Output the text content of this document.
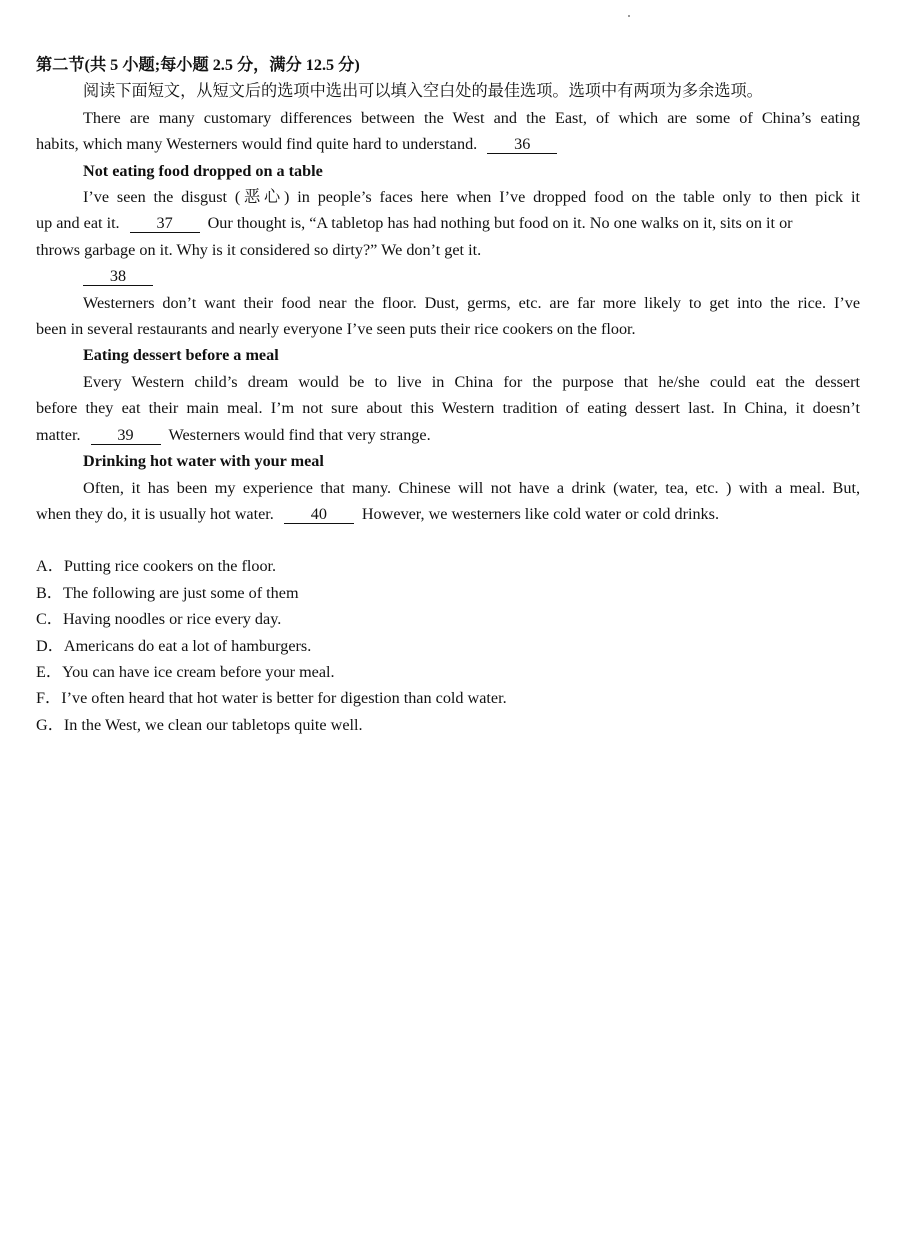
第二节(共 5 小题;每小题 2.5 分，满分 12.5 分)
阅读下面短文，从短文后的选项中选出可以填入空白处的最佳选项。选项中有两项为多余选项。
There are many customary differences between the West and the East, of which are some of China’s eating
habits, which many Westerners would find quite hard to understand. 36
Not eating food dropped on a table
I’ve seen the disgust (恶心) in people’s faces here when I’ve dropped food on the table only to then pick it
up and eat it. 37 Our thought is, “A tabletop has had nothing but food on it. No one walks on it, sits on it or
throws garbage on it. Why is it considered so dirty?” We don’t get it.
38
Westerners don’t want their food near the floor. Dust, germs, etc. are far more likely to get into the rice. I’ve
been in several restaurants and nearly everyone I’ve seen puts their rice cookers on the floor.
Eating dessert before a meal
Every Western child’s dream would be to live in China for the purpose that he/she could eat the dessert
before they eat their main meal. I’m not sure about this Western tradition of eating dessert last. In China, it doesn’t
matter. 39 Westerners would find that very strange.
Drinking hot water with your meal
Often, it has been my experience that many. Chinese will not have a drink (water, tea, etc. ) with a meal. But,
when they do, it is usually hot water. 40 However, we westerners like cold water or cold drinks.
A．Putting rice cookers on the floor.
B．The following are just some of them
C．Having noodles or rice every day.
D．Americans do eat a lot of hamburgers.
E．You can have ice cream before your meal.
F．I’ve often heard that hot water is better for digestion than cold water.
G．In the West, we clean our tabletops quite well.
